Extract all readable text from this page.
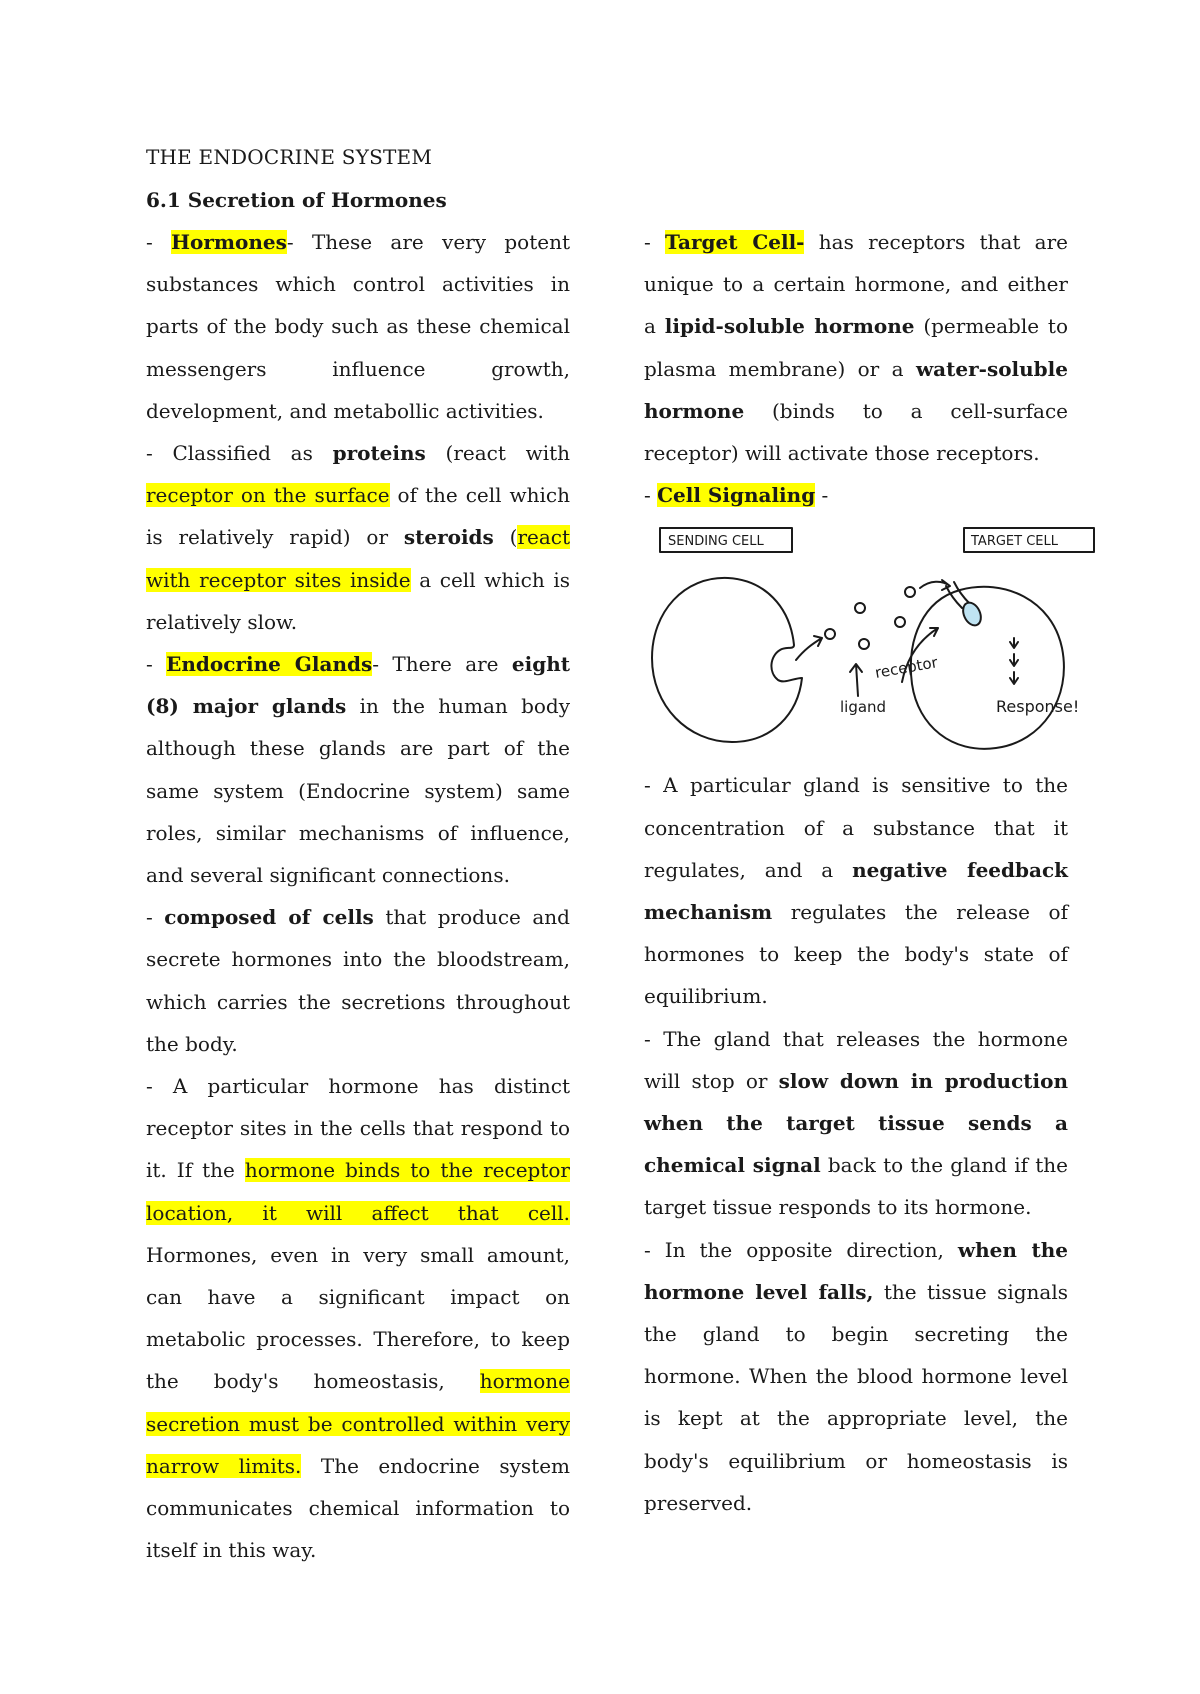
THE ENDOCRINE SYSTEM
6.1 Secretion of Hormones

- Hormones- These are very potent substances which control activities in parts of the body such as these chemical messengers influence growth, development, and metabollic activities.

- Classified as proteins (react with receptor on the surface of the cell which is relatively rapid) or steroids (react with receptor sites inside a cell which is relatively slow.

- Endocrine Glands- There are eight (8) major glands in the human body although these glands are part of the same system (Endocrine system) same roles, similar mechanisms of influence, and several significant connections.

- composed of cells that produce and secrete hormones into the bloodstream, which carries the secretions throughout the body.

- A particular hormone has distinct receptor sites in the cells that respond to it. If the hormone binds to the receptor location, it will affect that cell. Hormones, even in very small amount, can have a significant impact on metabolic processes. Therefore, to keep the body's homeostasis, hormone secretion must be controlled within very narrow limits. The endocrine system communicates chemical information to itself in this way.

- Target Cell- has receptors that are unique to a certain hormone, and either a lipid-soluble hormone (permeable to plasma membrane) or a water-soluble hormone (binds to a cell-surface receptor) will activate those receptors.

- Cell Signaling -

SENDING CELL	TARGET CELL
receptor
ligand	Response!

- A particular gland is sensitive to the concentration of a substance that it regulates, and a negative feedback mechanism regulates the release of hormones to keep the body's state of equilibrium.

- The gland that releases the hormone will stop or slow down in production when the target tissue sends a chemical signal back to the gland if the target tissue responds to its hormone.

- In the opposite direction, when the hormone level falls, the tissue signals the gland to begin secreting the hormone. When the blood hormone level is kept at the appropriate level, the body's equilibrium or homeostasis is preserved.
